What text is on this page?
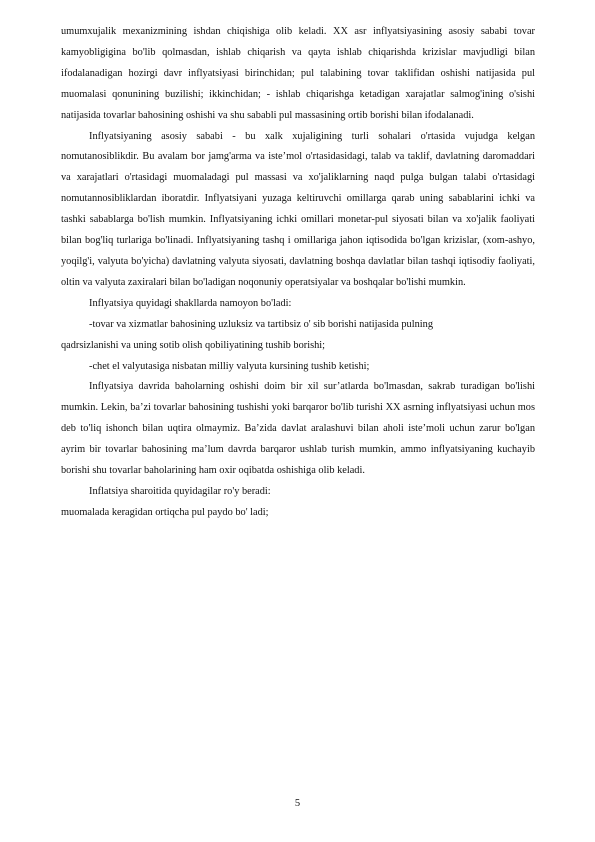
umumxujalik mexanizmining ishdan chiqishiga olib keladi. XX asr inflyatsiyasining asosiy sababi tovar kamyobligigina bo'lib qolmasdan, ishlab chiqarish va qayta ishlab chiqarishda krizislar mavjudligi bilan ifodalanadigan hozirgi davr inflyatsiyasi birinchidan; pul talabining tovar taklifidan oshishi natijasida pul muomalasi qonunining buzilishi; ikkinchidan; - ishlab chiqarishga ketadigan xarajatlar salmog'ining o'sishi natijasida tovarlar bahosining oshishi va shu sababli pul massasining ortib borishi bilan ifodalanadi.

Inflyatsiyaning asosiy sababi - bu xalk xujaligining turli sohalari o'rtasida vujudga kelgan nomutanosiblikdir. Bu avalam bor jamg'arma va iste’mol o'rtasidasidagi, talab va taklif, davlatning daromaddari va xarajatlari o'rtasidagi muomaladagi pul massasi va xo'jaliklarning naqd pulga bulgan talabi o'rtasidagi nomutannosibliklardan iboratdir. Inflyatsiyani yuzaga keltiruvchi omillarga qarab uning sabablarini ichki va tashki sabablarga bo'lish mumkin. Inflyatsiyaning ichki omillari monetar-pul siyosati bilan va xo'jalik faoliyati bilan bog'liq turlariga bo'linadi. Inflyatsiyaning tashq i omillariga jahon iqtisodida bo'lgan krizislar, (xom-ashyo, yoqilg'i, valyuta bo'yicha) davlatning valyuta siyosati, davlatning boshqa davlatlar bilan tashqi iqtisodiy faoliyati, oltin va valyuta zaxiralari bilan bo'ladigan noqonuniy operatsiyalar va boshqalar bo'lishi mumkin.

Inflyatsiya quyidagi shakllarda namoyon bo'ladi:

-tovar va xizmatlar bahosining uzluksiz va tartibsiz o' sib borishi natijasida pulning

qadrsizlanishi va uning sotib olish qobiliyatining tushib borishi;

-chet el valyutasiga nisbatan milliy valyuta kursining tushib ketishi;

Inflyatsiya davrida baholarning oshishi doim bir xil sur’atlarda bo'lmasdan, sakrab turadigan bo'lishi mumkin. Lekin, ba’zi tovarlar bahosining tushishi yoki barqaror bo'lib turishi XX asrning inflyatsiyasi uchun mos deb to'liq ishonch bilan uqtira olmaymiz. Ba’zida davlat aralashuvi bilan aholi iste’moli uchun zarur bo'lgan ayrim bir tovarlar bahosining ma’lum davrda barqaror ushlab turish mumkin, ammo inflyatsiyaning kuchayib borishi shu tovarlar baholarining ham oxir oqibatda oshishiga olib keladi.

Inflatsiya sharoitida quyidagilar ro'y beradi:

muomalada keragidan ortiqcha pul paydo bo' ladi;

5
